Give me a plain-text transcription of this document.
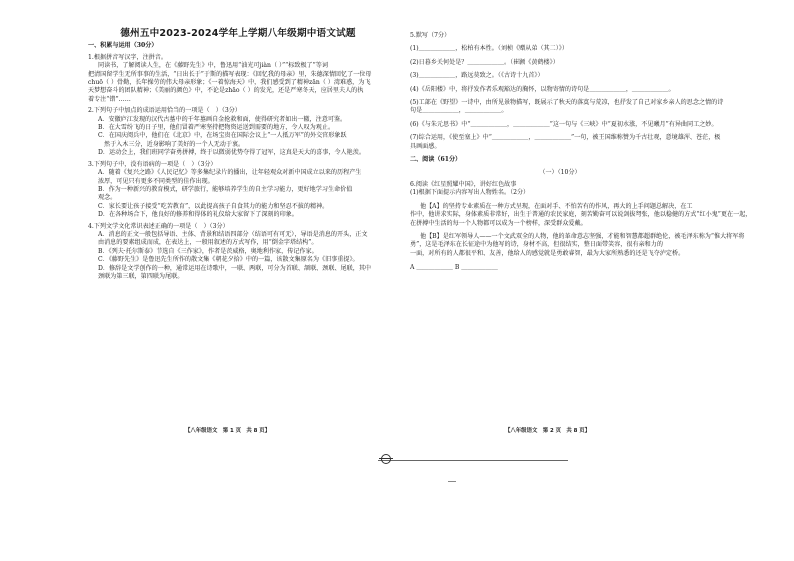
德州五中2023-2024学年上学期八年级期中语文试题
一、积累与运用（30分）

1.根据拼音写汉字，注拼音。

同读书，了解阅读人生，在《藤野先生》中，鲁迅用“油光可jiàn（ ）”“标致极了”等词

把清国留学生无所事事的生活，“日出长于”于斯的描写表现：《回忆我的母亲》里，朱德深情回忆了一位母

chuō（ ）骨勤，长年操劳的伟大母亲形象；《一着惊海天》中，我们感受到了精神zān（ ）湾难惑，为飞

天梦想奋斗的团队精神；《美丽的颜色》中，不论是zhāo（ ）的发光，还是严寒冬天，应居里夫人的执

着专注“错”……

2.下列句子中加点的成语运用恰当的一项是（　）（3分）

A．安徽庐江发现的汉代古墓中的千年墓画自金抢救和面，使得研究者如出一辙，注意可鉴。

B．在大雪纷飞的日子里，他们冒着严寒坚持把物资运送到需要的地方，令人叹为观止。

C．在国庆阅兵中，他们在《北京》中，在场宝贵在国际会议上“一人抵万军”的外交官形象跃

然于入木三分，近身影响了美好的一个人无动于衷。

D．运动会上，我们班同学奋勇拼搏，终于以微弱优势夺得了冠军，这真是天大的喜事，令人艳羡。

3.下列句子中，没有语病的一项是（　）（3分）

A．随着《复兴之路》《人民记忆》等多集纪录片的播出，让年轻观众对新中国成立以来的历程产生

浓厚，可见只有更多不同类型的佳作出现。

B．作为一种新兴的教育模式，研学旅行，能够培养学生的自主学习能力，更好地学习生命价值

观念。

C．家长要让孩子接受“吃苦教育”，以此提高孩子自食其力的能力和坚忍不拔的精神。

D．在各种场合下，他良好的修养和得体的礼仪给大家留下了深刻的印象。

4.下列文学文化常识表述正确的一项是（　）（3分）

A．消息的正文一般包括导语、主体、背景和结语四部分（结语可有可无），导语是消息的开头，正文

由消息的要素组成而成，在表达上，一般用叙述的方式写作，用“倒金字塔结构”。

B．《列夫·托尔斯泰》节选自《三作家》，作者是茨威格，奥地利作家，传记作家。

C．《藤野先生》是鲁迅先生所作的散文集《朝花夕拾》中的一篇，该散文集原名为《旧事重提》。

D．修辞是文学创作的一种，通常运用在诗歌中，一联、两联，可分为首联、颔联、颈联、尾联，其中

颈联为第三联，第四联为尾联。

5.默写（7分）

(1)＿＿＿＿＿＿，松柏有本性。（刘桢《赠从弟（其二）》）

(2)日暮乡关何处是？＿＿＿＿＿＿。（崔颢《黄鹤楼》）

(3)＿＿＿＿＿＿，路远莫致之。（《古诗十九首》）

(4)《岳阳楼》中，将抒发作者乐观豁达的胸怀，以物寄情的诗句是＿＿＿＿＿＿，＿＿＿＿＿＿。

(5)工部在《野望》一诗中，由所见景物描写，既展示了秋天的落寞与荒凉，也抒发了自己对家乡亲人的思念之情的诗

句是＿＿＿＿＿＿，＿＿＿＿＿＿。

(6)《与朱元思书》中“＿＿＿＿＿＿，＿＿＿＿＿＿”这一句与《三峡》中“夏初水涨，不见曦月”有异曲同工之妙。

(7)综合运用，《使至塞上》中“＿＿＿＿＿＿，＿＿＿＿＿＿”一句，被王国维称赞为千古壮观，意境雄浑、苍茫，极

具画面感。

二、阅读（61分）
（一）（10分）

6.阅读《红星照耀中国》，讲好红色故事

(1)根据下面提示内容写出人物姓名。（2分）

他【A】的坚持专业素质在一种方式呈现，在面对手、不怕苦有的作风，再大的上手问题总解决，在工

作中，他讲求实际，身体素质非常好，出生于普通的农民家庭，刻苦勤奋可以说剑拔弩张，他以稳健的方式“红小鬼”更在一起，

在拼搏中生活的每一个人物都可以成为一个榜样，深受群众爱戴。

他【B】是红军领导人——一个文武双全的人物，他的革命意志坚强，才能和智慧都超群绝伦，被毛泽东称为“惟大将军将

勇”，这是毛泽东在长征途中为他写的诗，身材不高，但很结实，整日面带笑容，很有亲和力的

一面，对所有的人都很平和、友善，他给人的感觉就是勇敢睿智，最为大家所熟悉的还是飞夺泸定桥。

A ＿＿＿＿＿＿ B ＿＿＿＿＿＿

【八年级语文　第 1 页　共 8 页】	【八年级语文　第 2 页　共 8 页】
